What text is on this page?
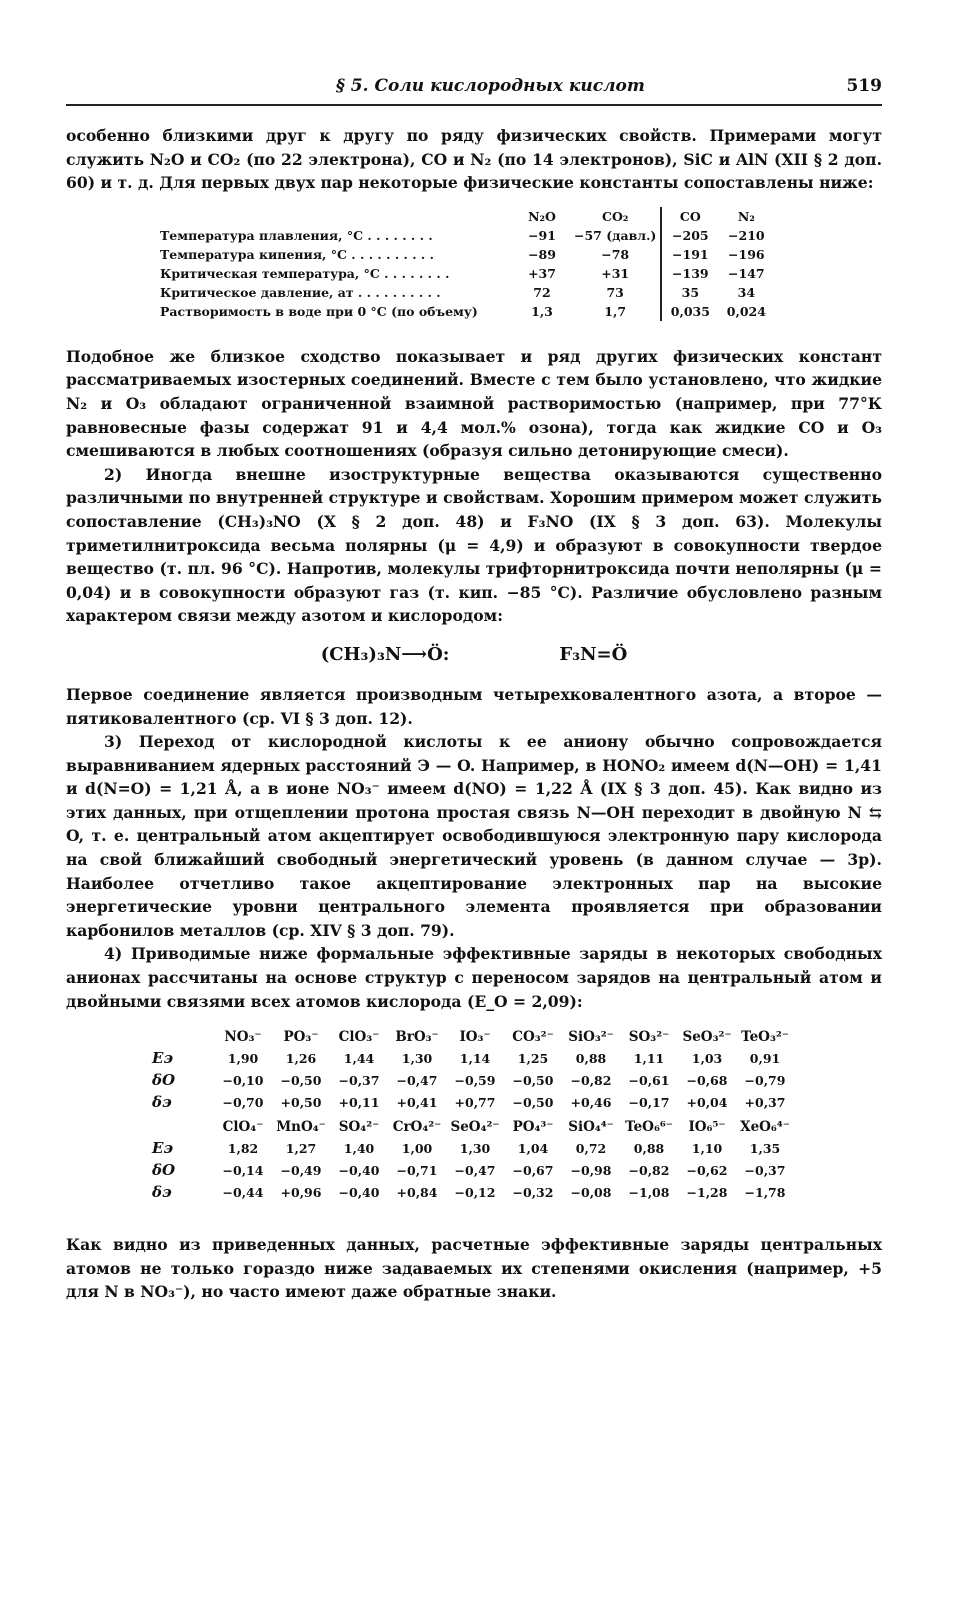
§ 5. Соли кислородных кислот	519

особенно близкими друг к другу по ряду физических свойств. Примерами могут служить N₂O и CO₂ (по 22 электрона), CO и N₂ (по 14 электронов), SiC и AlN (XII § 2 доп. 60) и т. д. Для первых двух пар некоторые физические константы сопоставлены ниже:

	N₂O	CO₂	CO	N₂
Температура плавления, °C . . . . . . . .	−91	−57 (давл.)	−205	−210
Температура кипения, °C . . . . . . . . . .	−89	−78	−191	−196
Критическая температура, °C . . . . . . . .	+37	+31	−139	−147
Критическое давление, ат . . . . . . . . . .	72	73	35	34
Растворимость в воде при 0 °C (по объему)	1,3	1,7	0,035	0,024

Подобное же близкое сходство показывает и ряд других физических констант рассматриваемых изостерных соединений. Вместе с тем было установлено, что жидкие N₂ и O₃ обладают ограниченной взаимной растворимостью (например, при 77°К равновесные фазы содержат 91 и 4,4 мол.% озона), тогда как жидкие CO и O₃ смешиваются в любых соотношениях (образуя сильно детонирующие смеси).

2) Иногда внешне изоструктурные вещества оказываются существенно различными по внутренней структуре и свойствам. Хорошим примером может служить сопоставление (CH₃)₃NO (X § 2 доп. 48) и F₃NO (IX § 3 доп. 63). Молекулы триметилнитроксида весьма полярны (μ = 4,9) и образуют в совокупности твердое вещество (т. пл. 96 °C). Напротив, молекулы трифторнитроксида почти неполярны (μ = 0,04) и в совокупности образуют газ (т. кип. −85 °C). Различие обусловлено разным характером связи между азотом и кислородом:

(CH₃)₃N⟶Ö:	F₃N=Ö

Первое соединение является производным четырехковалентного азота, а второе — пятиковалентного (ср. VI § 3 доп. 12).

3) Переход от кислородной кислоты к ее аниону обычно сопровождается выравниванием ядерных расстояний Э — O. Например, в HONO₂ имеем d(N—OH) = 1,41 и d(N=O) = 1,21 Å, а в ионе NO₃⁻ имеем d(NO) = 1,22 Å (IX § 3 доп. 45). Как видно из этих данных, при отщеплении протона простая связь N—OH переходит в двойную N ⇆ O, т. е. центральный атом акцептирует освободившуюся электронную пару кислорода на свой ближайший свободный энергетический уровень (в данном случае — 3p). Наиболее отчетливо такое акцептирование электронных пар на высокие энергетические уровни центрального элемента проявляется при образовании карбонилов металлов (ср. XIV § 3 доп. 79).

4) Приводимые ниже формальные эффективные заряды в некоторых свободных анионах рассчитаны на основе структур с переносом зарядов на центральный атом и двойными связями всех атомов кислорода (E_O = 2,09):

	NO₃⁻	PO₃⁻	ClO₃⁻	BrO₃⁻	IO₃⁻	CO₃²⁻	SiO₃²⁻	SO₃²⁻	SeO₃²⁻	TeO₃²⁻
Eэ	1,90	1,26	1,44	1,30	1,14	1,25	0,88	1,11	1,03	0,91
δO	−0,10	−0,50	−0,37	−0,47	−0,59	−0,50	−0,82	−0,61	−0,68	−0,79
δэ	−0,70	+0,50	+0,11	+0,41	+0,77	−0,50	+0,46	−0,17	+0,04	+0,37
	ClO₄⁻	MnO₄⁻	SO₄²⁻	CrO₄²⁻	SeO₄²⁻	PO₄³⁻	SiO₄⁴⁻	TeO₆⁶⁻	IO₆⁵⁻	XeO₆⁴⁻
Eэ	1,82	1,27	1,40	1,00	1,30	1,04	0,72	0,88	1,10	1,35
δO	−0,14	−0,49	−0,40	−0,71	−0,47	−0,67	−0,98	−0,82	−0,62	−0,37
δэ	−0,44	+0,96	−0,40	+0,84	−0,12	−0,32	−0,08	−1,08	−1,28	−1,78

Как видно из приведенных данных, расчетные эффективные заряды центральных атомов не только гораздо ниже задаваемых их степенями окисления (например, +5 для N в NO₃⁻), но часто имеют даже обратные знаки.
